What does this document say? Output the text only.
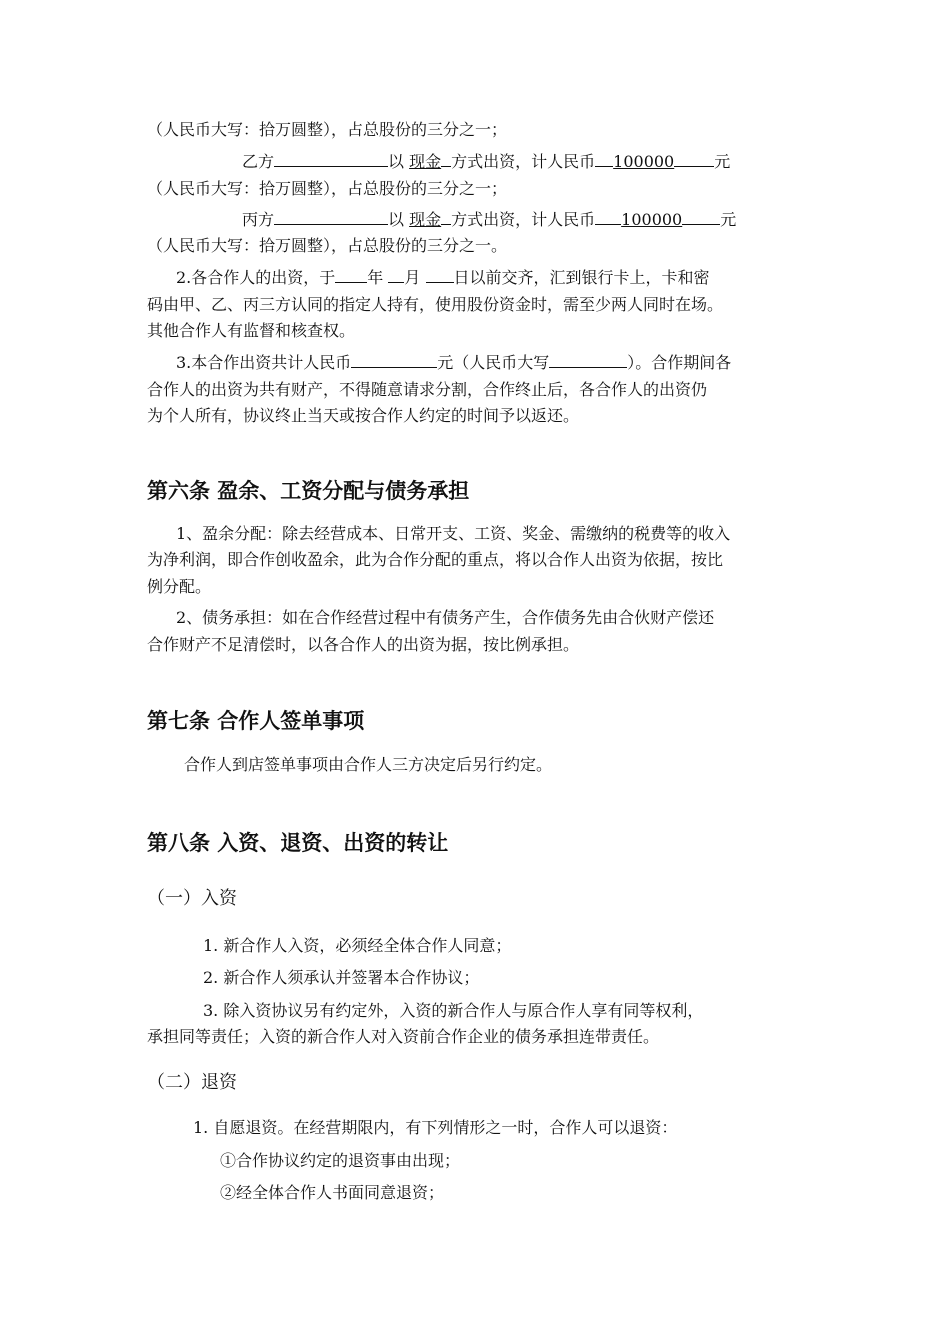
（人民币大写：拾万圆整），占总股份的三分之一；
乙方	以 现金 方式出资，计人民币 100000	元
（人民币大写：拾万圆整），占总股份的三分之一；
丙方	以 现金 方式出资，计人民币 100000 元
（人民币大写：拾万圆整），占总股份的三分之一。
2.各合作人的出资，于 年 月 日以前交齐，汇到银行卡上，卡和密
码由甲、乙、丙三方认同的指定人持有，使用股份资金时，需至少两人同时在场。
其他合作人有监督和核查权。
3.本合作出资共计人民币	元（人民币大写	）。合作期间各
合作人的出资为共有财产，不得随意请求分割，合作终止后，各合作人的出资仍
为个人所有，协议终止当天或按合作人约定的时间予以返还。
第六条 盈余、工资分配与债务承担
1、盈余分配：除去经营成本、日常开支、工资、奖金、需缴纳的税费等的收入
为净利润，即合作创收盈余，此为合作分配的重点，将以合作人出资为依据，按比
例分配。
2、债务承担：如在合作经营过程中有债务产生，合作债务先由合伙财产偿还
合作财产不足清偿时，以各合作人的出资为据，按比例承担。
第七条 合作人签单事项
合作人到店签单事项由合作人三方决定后另行约定。
第八条 入资、退资、出资的转让
（一）入资
1. 新合作人入资，必须经全体合作人同意；
2. 新合作人须承认并签署本合作协议；
3. 除入资协议另有约定外，入资的新合作人与原合作人享有同等权利，
承担同等责任；入资的新合作人对入资前合作企业的债务承担连带责任。
（二）退资
1. 自愿退资。在经营期限内，有下列情形之一时，合作人可以退资：
①合作协议约定的退资事由出现；
②经全体合作人书面同意退资；
